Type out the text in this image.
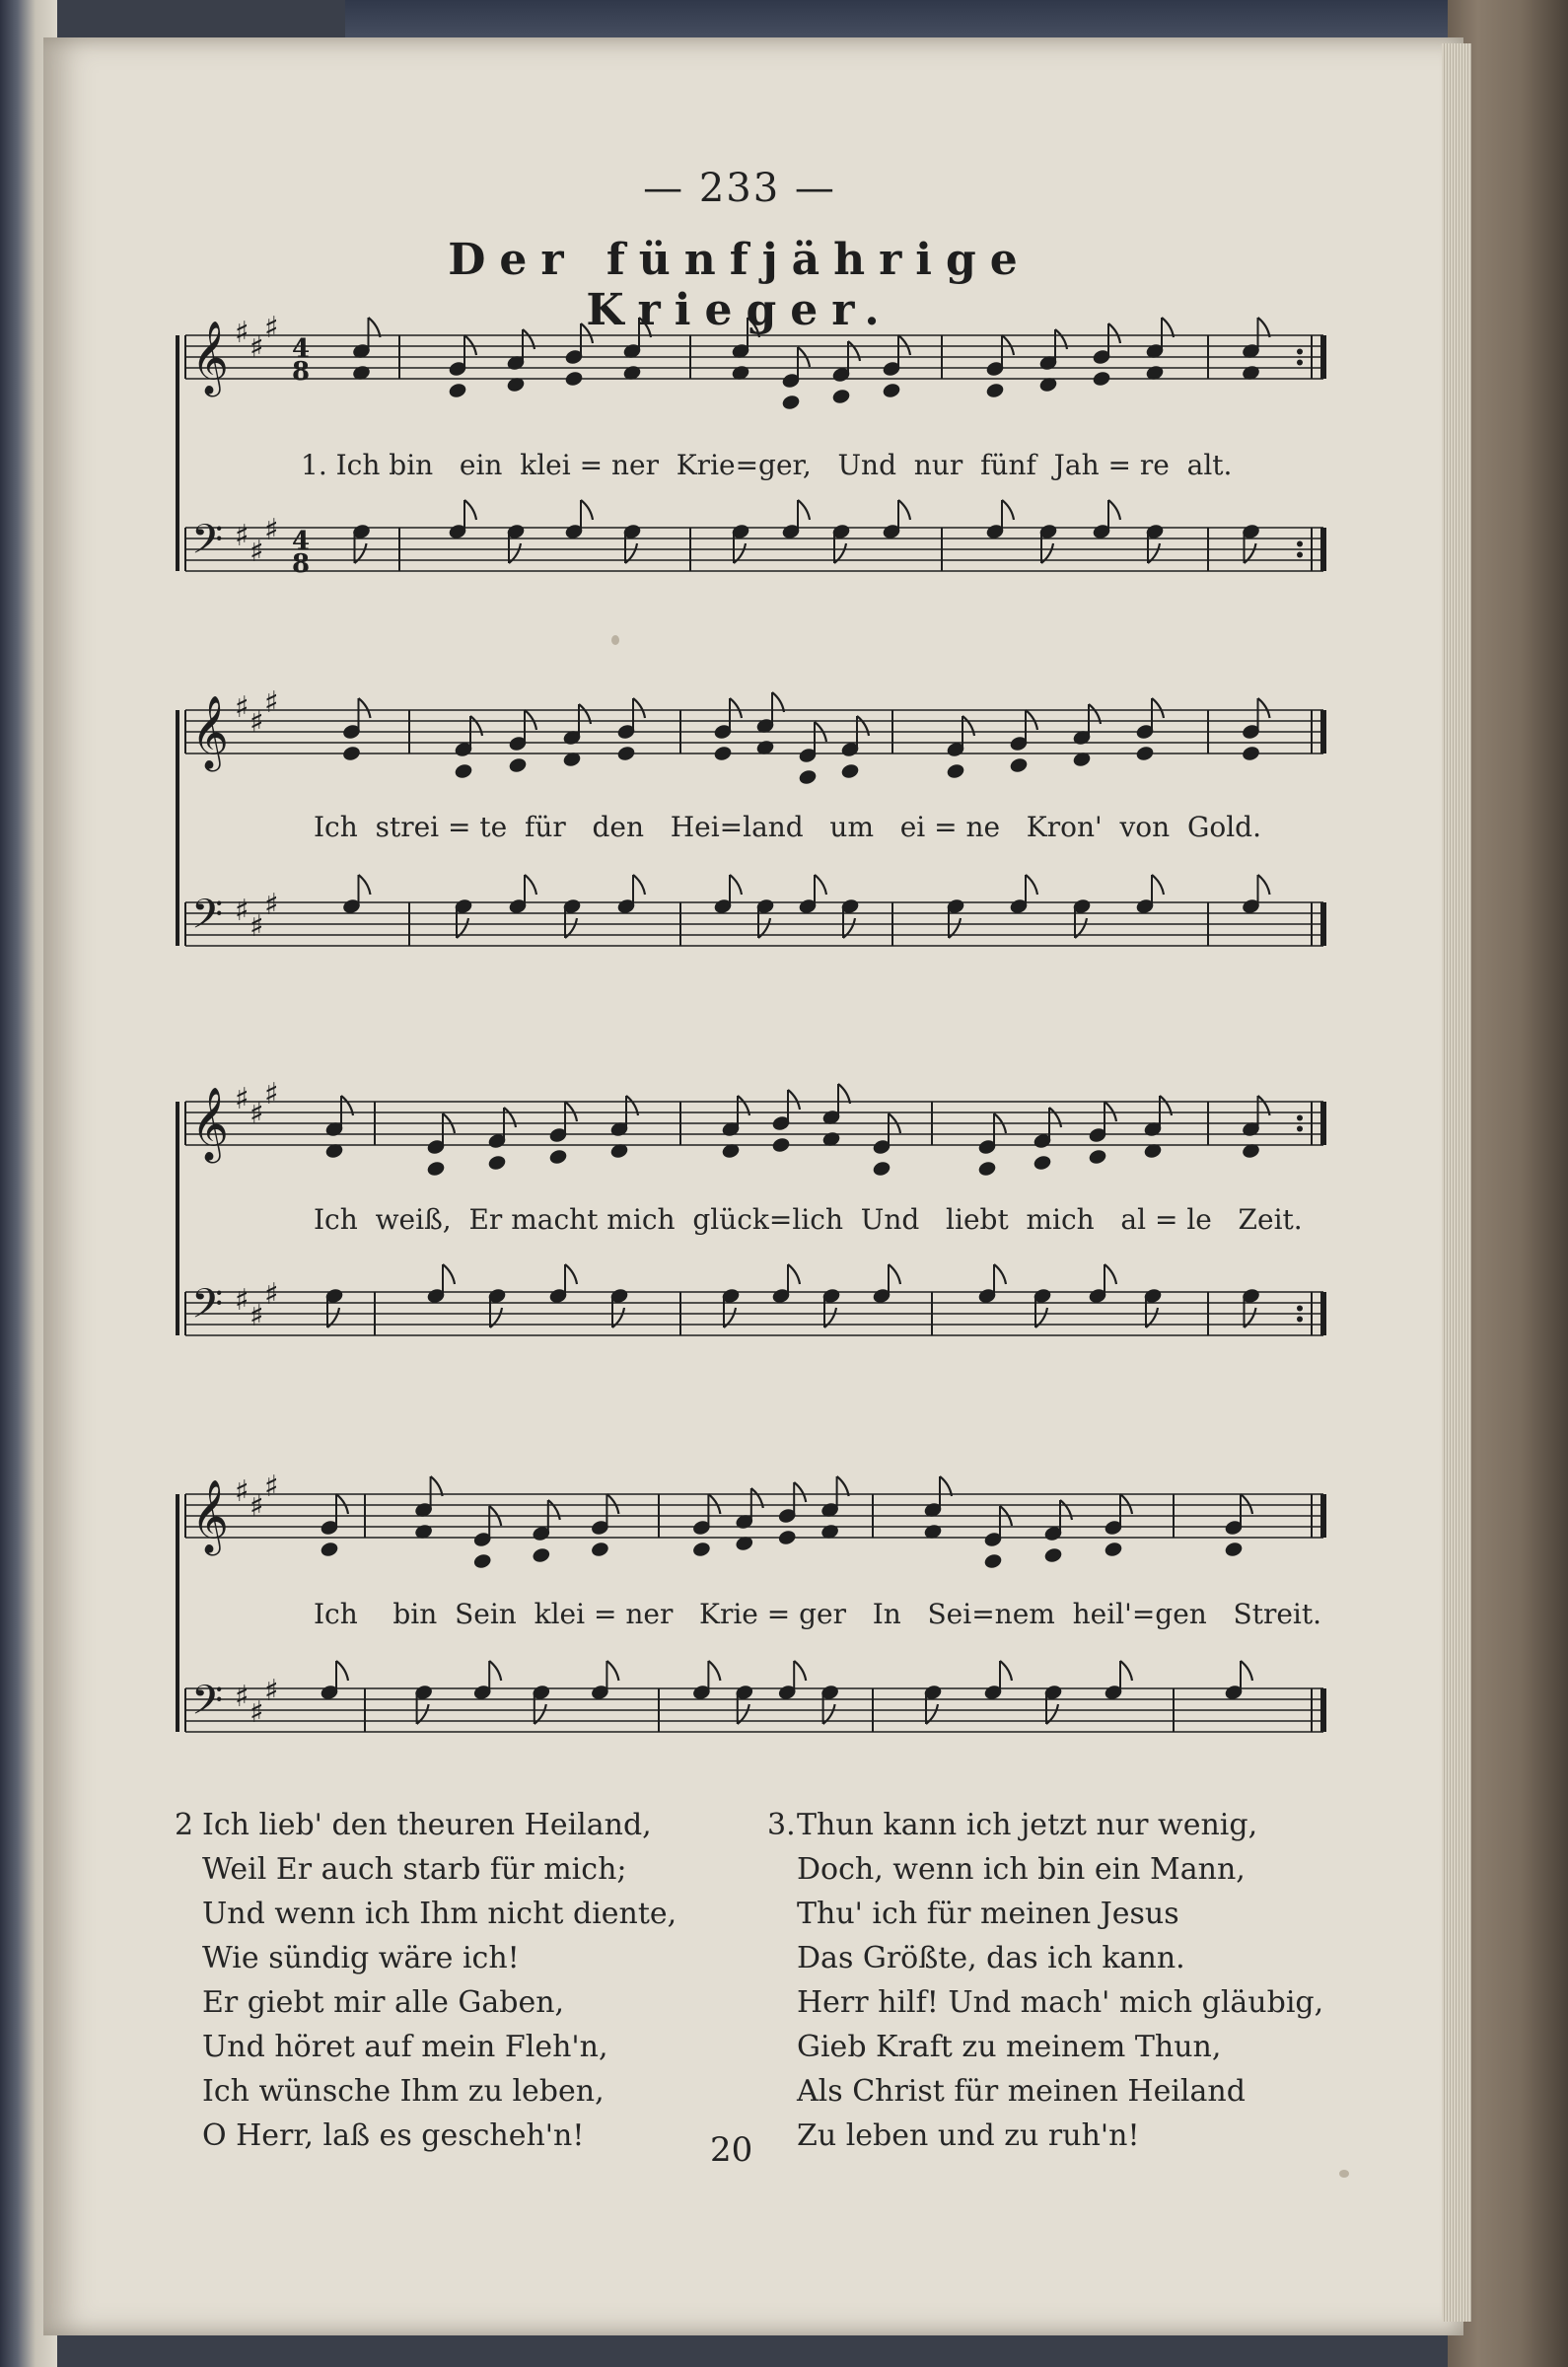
— 233 —
Der fünfjährige Krieger.
𝄞
𝄢
♯ ♯
♯
♯ ♯
♯
4
8
4
8
𝄞
𝄢
♯ ♯
♯
♯ ♯
♯
𝄞
𝄢
♯ ♯
♯
♯ ♯
♯
𝄞
𝄢
♯ ♯
♯
♯ ♯
♯
1. Ich bin   ein  klei = ner  Krie=ger,   Und  nur  fünf  Jah = re  alt.
Ich  strei = te  für   den   Hei=land   um   ei = ne   Kron'  von  Gold.
Ich  weiß,  Er macht mich  glück=lich  Und   liebt  mich   al = le   Zeit.
Ich    bin  Sein  klei = ner   Krie = ger   In   Sei=nem  heil'=gen   Streit.
2 Ich lieb' den theuren Heiland,
Weil Er auch starb für mich;
Und wenn ich Ihm nicht diente,
Wie sündig wäre ich!
Er giebt mir alle Gaben,
Und höret auf mein Fleh'n,
Ich wünsche Ihm zu leben,
O Herr, laß es gescheh'n!
3. Thun kann ich jetzt nur wenig,
Doch, wenn ich bin ein Mann,
Thu' ich für meinen Jesus
Das Größte, das ich kann.
Herr hilf! Und mach' mich gläubig,
Gieb Kraft zu meinem Thun,
Als Christ für meinen Heiland
Zu leben und zu ruh'n!
20
